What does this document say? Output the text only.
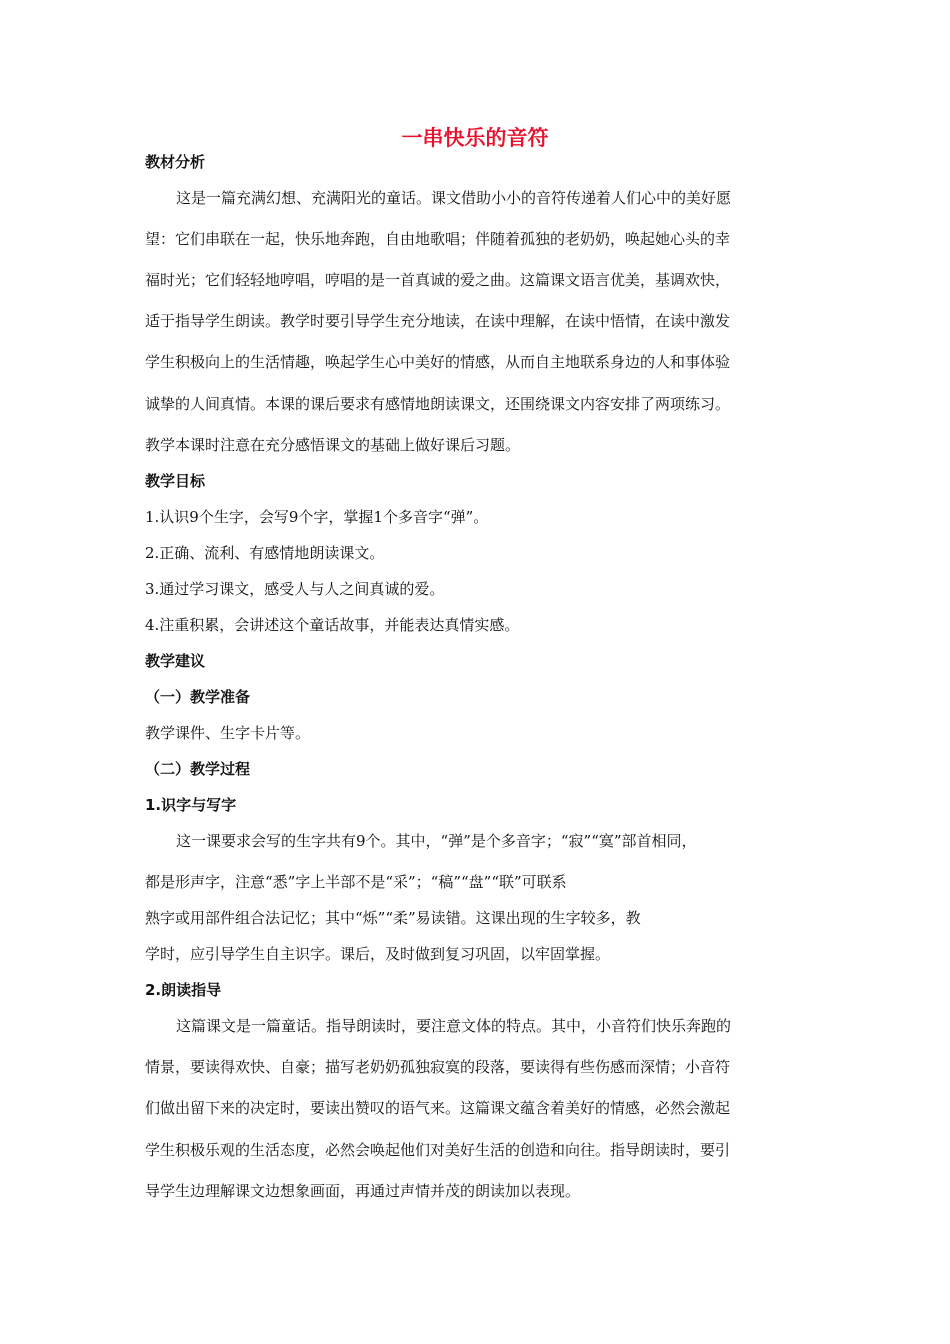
一串快乐的音符
教材分析
这是一篇充满幻想、充满阳光的童话。课文借助小小的音符传递着人们心中的美好愿
望：它们串联在一起，快乐地奔跑，自由地歌唱；伴随着孤独的老奶奶，唤起她心头的幸
福时光；它们轻轻地哼唱，哼唱的是一首真诚的爱之曲。这篇课文语言优美，基调欢快，
适于指导学生朗读。教学时要引导学生充分地读，在读中理解，在读中悟情，在读中激发
学生积极向上的生活情趣，唤起学生心中美好的情感，从而自主地联系身边的人和事体验
诚挚的人间真情。本课的课后要求有感情地朗读课文，还围绕课文内容安排了两项练习。
教学本课时注意在充分感悟课文的基础上做好课后习题。
教学目标
1.认识9个生字，会写9个字，掌握1个多音字“弹”。
2.正确、流利、有感情地朗读课文。
3.通过学习课文，感受人与人之间真诚的爱。
4.注重积累，会讲述这个童话故事，并能表达真情实感。
教学建议
（一）教学准备
教学课件、生字卡片等。
（二）教学过程
1.识字与写字
这一课要求会写的生字共有9个。其中，“弹”是个多音字；“寂”“寞”部首相同，
都是形声字，注意“悉”字上半部不是“采”；“稿”“盘”“联”可联系
熟字或用部件组合法记忆；其中“烁”“柔”易读错。这课出现的生字较多，教
学时，应引导学生自主识字。课后，及时做到复习巩固，以牢固掌握。
2.朗读指导
这篇课文是一篇童话。指导朗读时，要注意文体的特点。其中，小音符们快乐奔跑的
情景，要读得欢快、自豪；描写老奶奶孤独寂寞的段落，要读得有些伤感而深情；小音符
们做出留下来的决定时，要读出赞叹的语气来。这篇课文蕴含着美好的情感，必然会激起
学生积极乐观的生活态度，必然会唤起他们对美好生活的创造和向往。指导朗读时，要引
导学生边理解课文边想象画面，再通过声情并茂的朗读加以表现。
